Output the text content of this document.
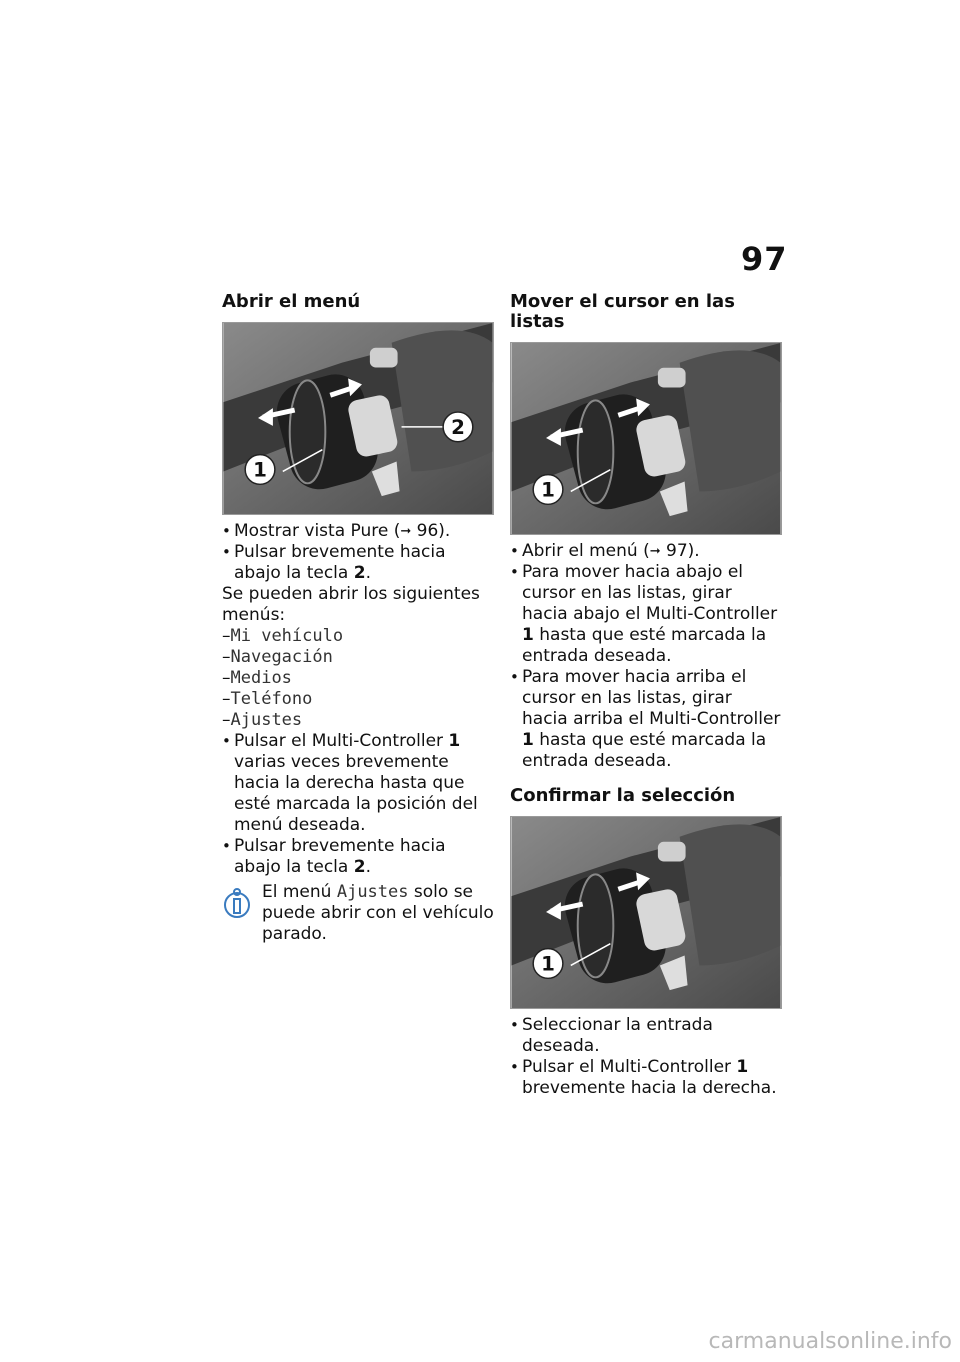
97
Abrir el menú
2
1

• Mostrar vista Pure (➞ 96).

• Pulsar brevemente hacia abajo la tecla 2.

Se pueden abrir los siguientes menús:

– Mi vehículo

– Navegación

– Medios

– Teléfono

– Ajustes

• Pulsar el Multi-Controller 1 varias veces brevemente hacia la derecha hasta que esté marcada la posición del menú deseada.

• Pulsar brevemente hacia abajo la tecla 2.

El menú Ajustes solo se puede abrir con el vehículo parado.
Mover el cursor en las listas
1

• Abrir el menú (➞ 97).

• Para mover hacia abajo el cursor en las listas, girar hacia abajo el Multi-Controller 1 hasta que esté marcada la entrada deseada.

• Para mover hacia arriba el cursor en las listas, girar hacia arriba el Multi-Controller 1 hasta que esté marcada la entrada deseada.

Confirmar la selección
1

• Seleccionar la entrada deseada.

• Pulsar el Multi-Controller 1 brevemente hacia la derecha.

carmanualsonline.info
